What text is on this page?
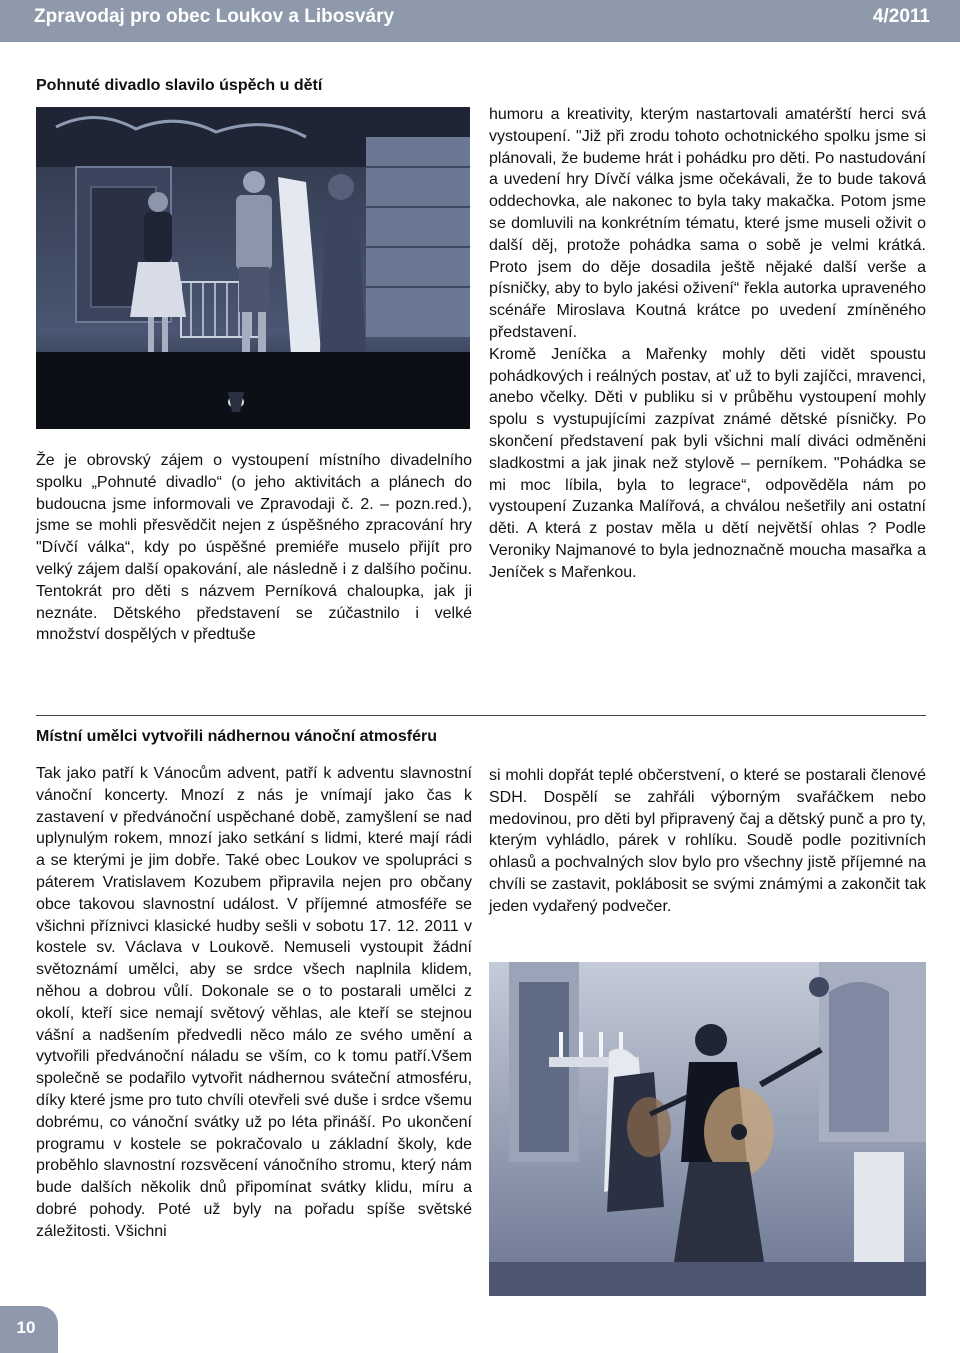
Zpravodaj pro obec Loukov a Libosváry	4/2011
Pohnuté divadlo slavilo úspěch u dětí

Že je obrovský zájem o vystoupení místního divadelního spolku „Pohnuté divadlo“ (o jeho aktivitách a plánech do budoucna jsme informovali ve Zpravodaji č. 2. – pozn.red.), jsme se mohli přesvědčit nejen z úspěšného zpracování hry "Dívčí válka“, kdy po úspěšné premiéře muselo přijít pro velký zájem další opakování, ale následně i z dalšího počinu. Tentokrát pro děti s názvem Perníková chaloupka, jak ji neznáte. Dětského představení se zúčastnilo i velké množství dospělých v předtuše

humoru a kreativity, kterým nastartovali amatérští herci svá vystoupení. "Již při zrodu tohoto ochotnického spolku jsme si plánovali, že budeme hrát i pohádku pro děti. Po nastudování a uvedení hry Dívčí válka jsme očekávali, že to bude taková oddechovka, ale nakonec to byla taky makačka. Potom jsme se domluvili na konkrétním tématu, které jsme museli oživit o další děj, protože pohádka sama o sobě je velmi krátká. Proto jsem do děje dosadila ještě nějaké další verše a písničky, aby to bylo jakési oživení“ řekla autorka upraveného scénáře Miroslava Koutná krátce po uvedení zmíněného představení.

Kromě Jeníčka a Mařenky mohly děti vidět spoustu pohádkových i reálných postav, ať už to byli zajíčci, mravenci, anebo včelky. Děti v publiku si v průběhu vystoupení mohly spolu s vystupujícími zazpívat známé dětské písničky. Po skončení představení pak byli všichni malí diváci odměněni sladkostmi a jak jinak než stylově – perníkem. "Pohádka se mi moc líbila, byla to legrace“, odpověděla nám po vystoupení Zuzanka Malířová, a chválou nešetřily ani ostatní děti. A která z postav měla u dětí největší ohlas ? Podle Veroniky Najmanové to byla jednoznačně moucha masařka a Jeníček s Mařenkou.

Místní umělci vytvořili nádhernou vánoční atmosféru

Tak jako patří k Vánocům advent, patří k adventu slavnostní vánoční koncerty. Mnozí z nás je vnímají jako čas k zastavení v předvánoční uspěchané době, zamyšlení se nad uplynulým rokem, mnozí jako setkání s lidmi, které mají rádi a se kterými je jim dobře. Také obec Loukov ve spolupráci s páterem Vratislavem Kozubem připravila nejen pro občany obce takovou slavnostní událost. V příjemné atmosféře se všichni příznivci klasické hudby sešli v sobotu 17. 12. 2011 v kostele sv. Václava v Loukově. Nemuseli vystoupit žádní světoznámí umělci, aby se srdce všech naplnila klidem, něhou a dobrou vůlí. Dokonale se o to postarali umělci z okolí, kteří sice nemají světový věhlas, ale kteří se stejnou vášní a nadšením předvedli něco málo ze svého umění a vytvořili předvánoční náladu se vším, co k tomu patří.Všem společně se podařilo vytvořit nádhernou sváteční atmosféru, díky které jsme pro tuto chvíli otevřeli své duše i srdce všemu dobrému, co vánoční svátky už po léta přináší. Po ukončení programu v kostele se pokračovalo u základní školy, kde proběhlo slavnostní rozsvěcení vánočního stromu, který nám bude dalších několik dnů připomínat svátky klidu, míru a dobré pohody. Poté už byly na pořadu spíše světské záležitosti. Všichni

si mohli dopřát teplé občerstvení, o které se postarali členové SDH. Dospělí se zahřáli výborným svařáčkem nebo medovinou, pro děti byl připravený čaj a dětský punč a pro ty, kterým vyhládlo, párek v rohlíku. Soudě podle pozitivních ohlasů a pochvalných slov bylo pro všechny jistě příjemné na chvíli se zastavit, poklábosit se svými známými a zakončit tak jeden vydařený podvečer.

10
